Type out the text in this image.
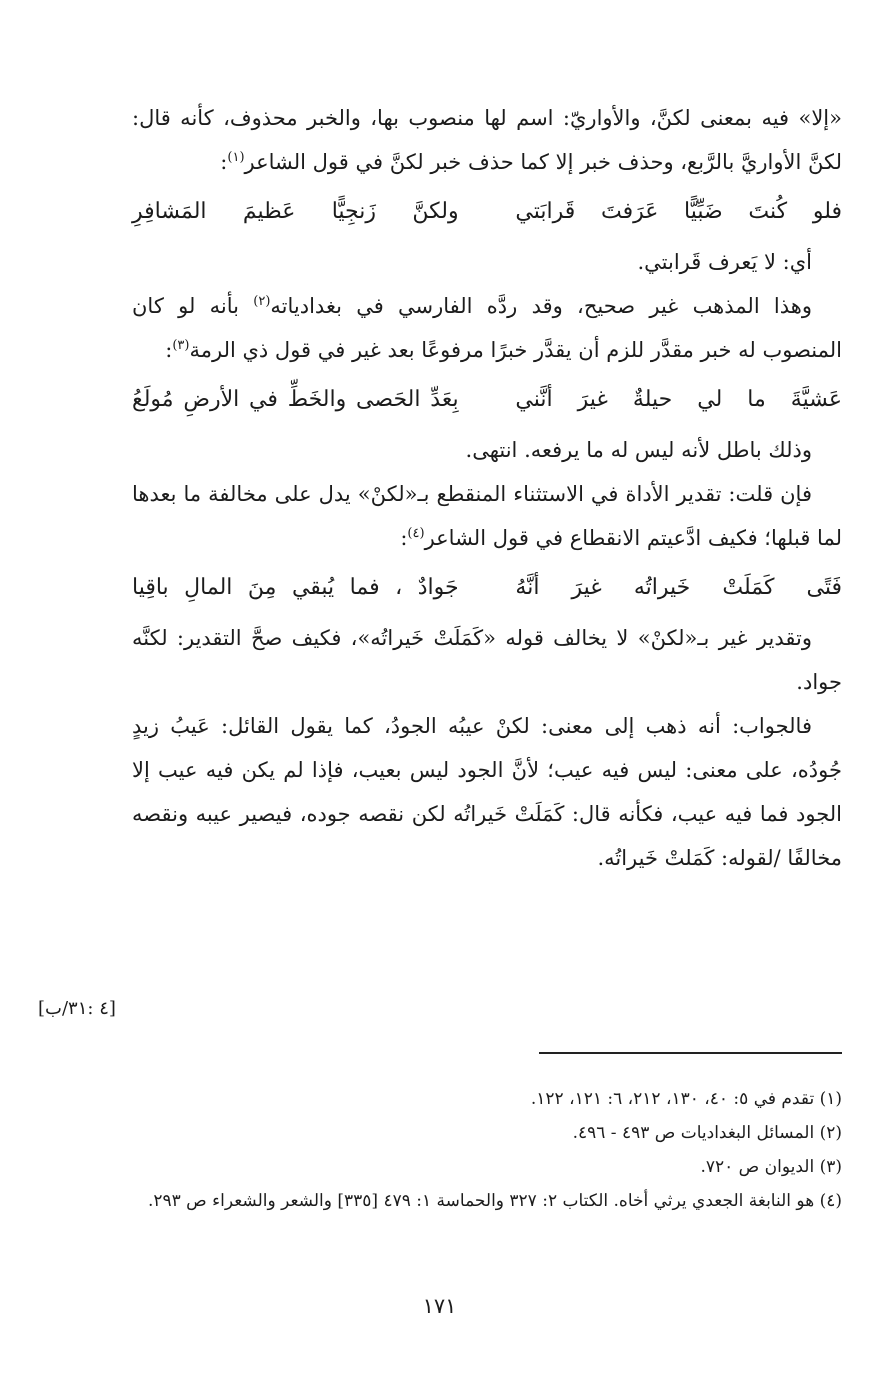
«إلا» فيه بمعنى لكنَّ، والأواريّ: اسم لها منصوب بها، والخبر محذوف، كأنه قال: لكنَّ الأواريَّ بالرَّبع، وحذف خبر إلا كما حذف خبر لكنَّ في قول الشاعر$^{(١)}$:

فلو كُنتَ ضَبِّيًّا عَرَفتَ قَرابَتي
ولكنَّ زَنجِيًّا عَظيمَ المَشافِرِ

أي: لا يَعرف قَرابتي.

وهذا المذهب غير صحيح، وقد ردَّه الفارسي في بغدادياته$^{(٢)}$ بأنه لو كان المنصوب له خبر مقدَّر للزم أن يقدَّر خبرًا مرفوعًا بعد غير في قول ذي الرمة$^{(٣)}$:

عَشيَّةَ ما لي حيلةٌ غيرَ أنَّني
بِعَدِّ الحَصى والخَطِّ في الأرضِ مُولَعُ

وذلك باطل لأنه ليس له ما يرفعه. انتهى.

فإن قلت: تقدير الأداة في الاستثناء المنقطع بـ«لكنْ» يدل على مخالفة ما بعدها لما قبلها؛ فكيف ادَّعيتم الانقطاع في قول الشاعر$^{(٤)}$:

فَتًى كَمَلَتْ خَيراتُه غيرَ أنَّهُ
جَوادٌ ، فما يُبقي مِنَ المالِ باقِيا

وتقدير غير بـ«لكنْ» لا يخالف قوله «كَمَلَتْ خَيراتُه»، فكيف صحَّ التقدير: لكنَّه جواد.

فالجواب: أنه ذهب إلى معنى: لكنْ عيبُه الجودُ، كما يقول القائل: عَيبُ زيدٍ جُودُه، على معنى: ليس فيه عيب؛ لأنَّ الجود ليس بعيب، فإذا لم يكن فيه عيب إلا الجود فما فيه عيب، فكأنه قال: كَمَلَتْ خَيراتُه لكن نقصه جوده، فيصير عيبه ونقصه مخالفًا /لقوله: كَمَلتْ خَيراتُه.

[٤ :٣١/ب]

(١) تقدم في ٥: ٤٠، ١٣٠، ٢١٢، ٦: ١٢١، ١٢٢.

(٢) المسائل البغداديات ص ٤٩٣ - ٤٩٦.

(٣) الديوان ص ٧٢٠.

(٤) هو النابغة الجعدي يرثي أخاه. الكتاب ٢: ٣٢٧ والحماسة ١: ٤٧٩ [٣٣٥] والشعر والشعراء ص ٢٩٣.

١٧١
